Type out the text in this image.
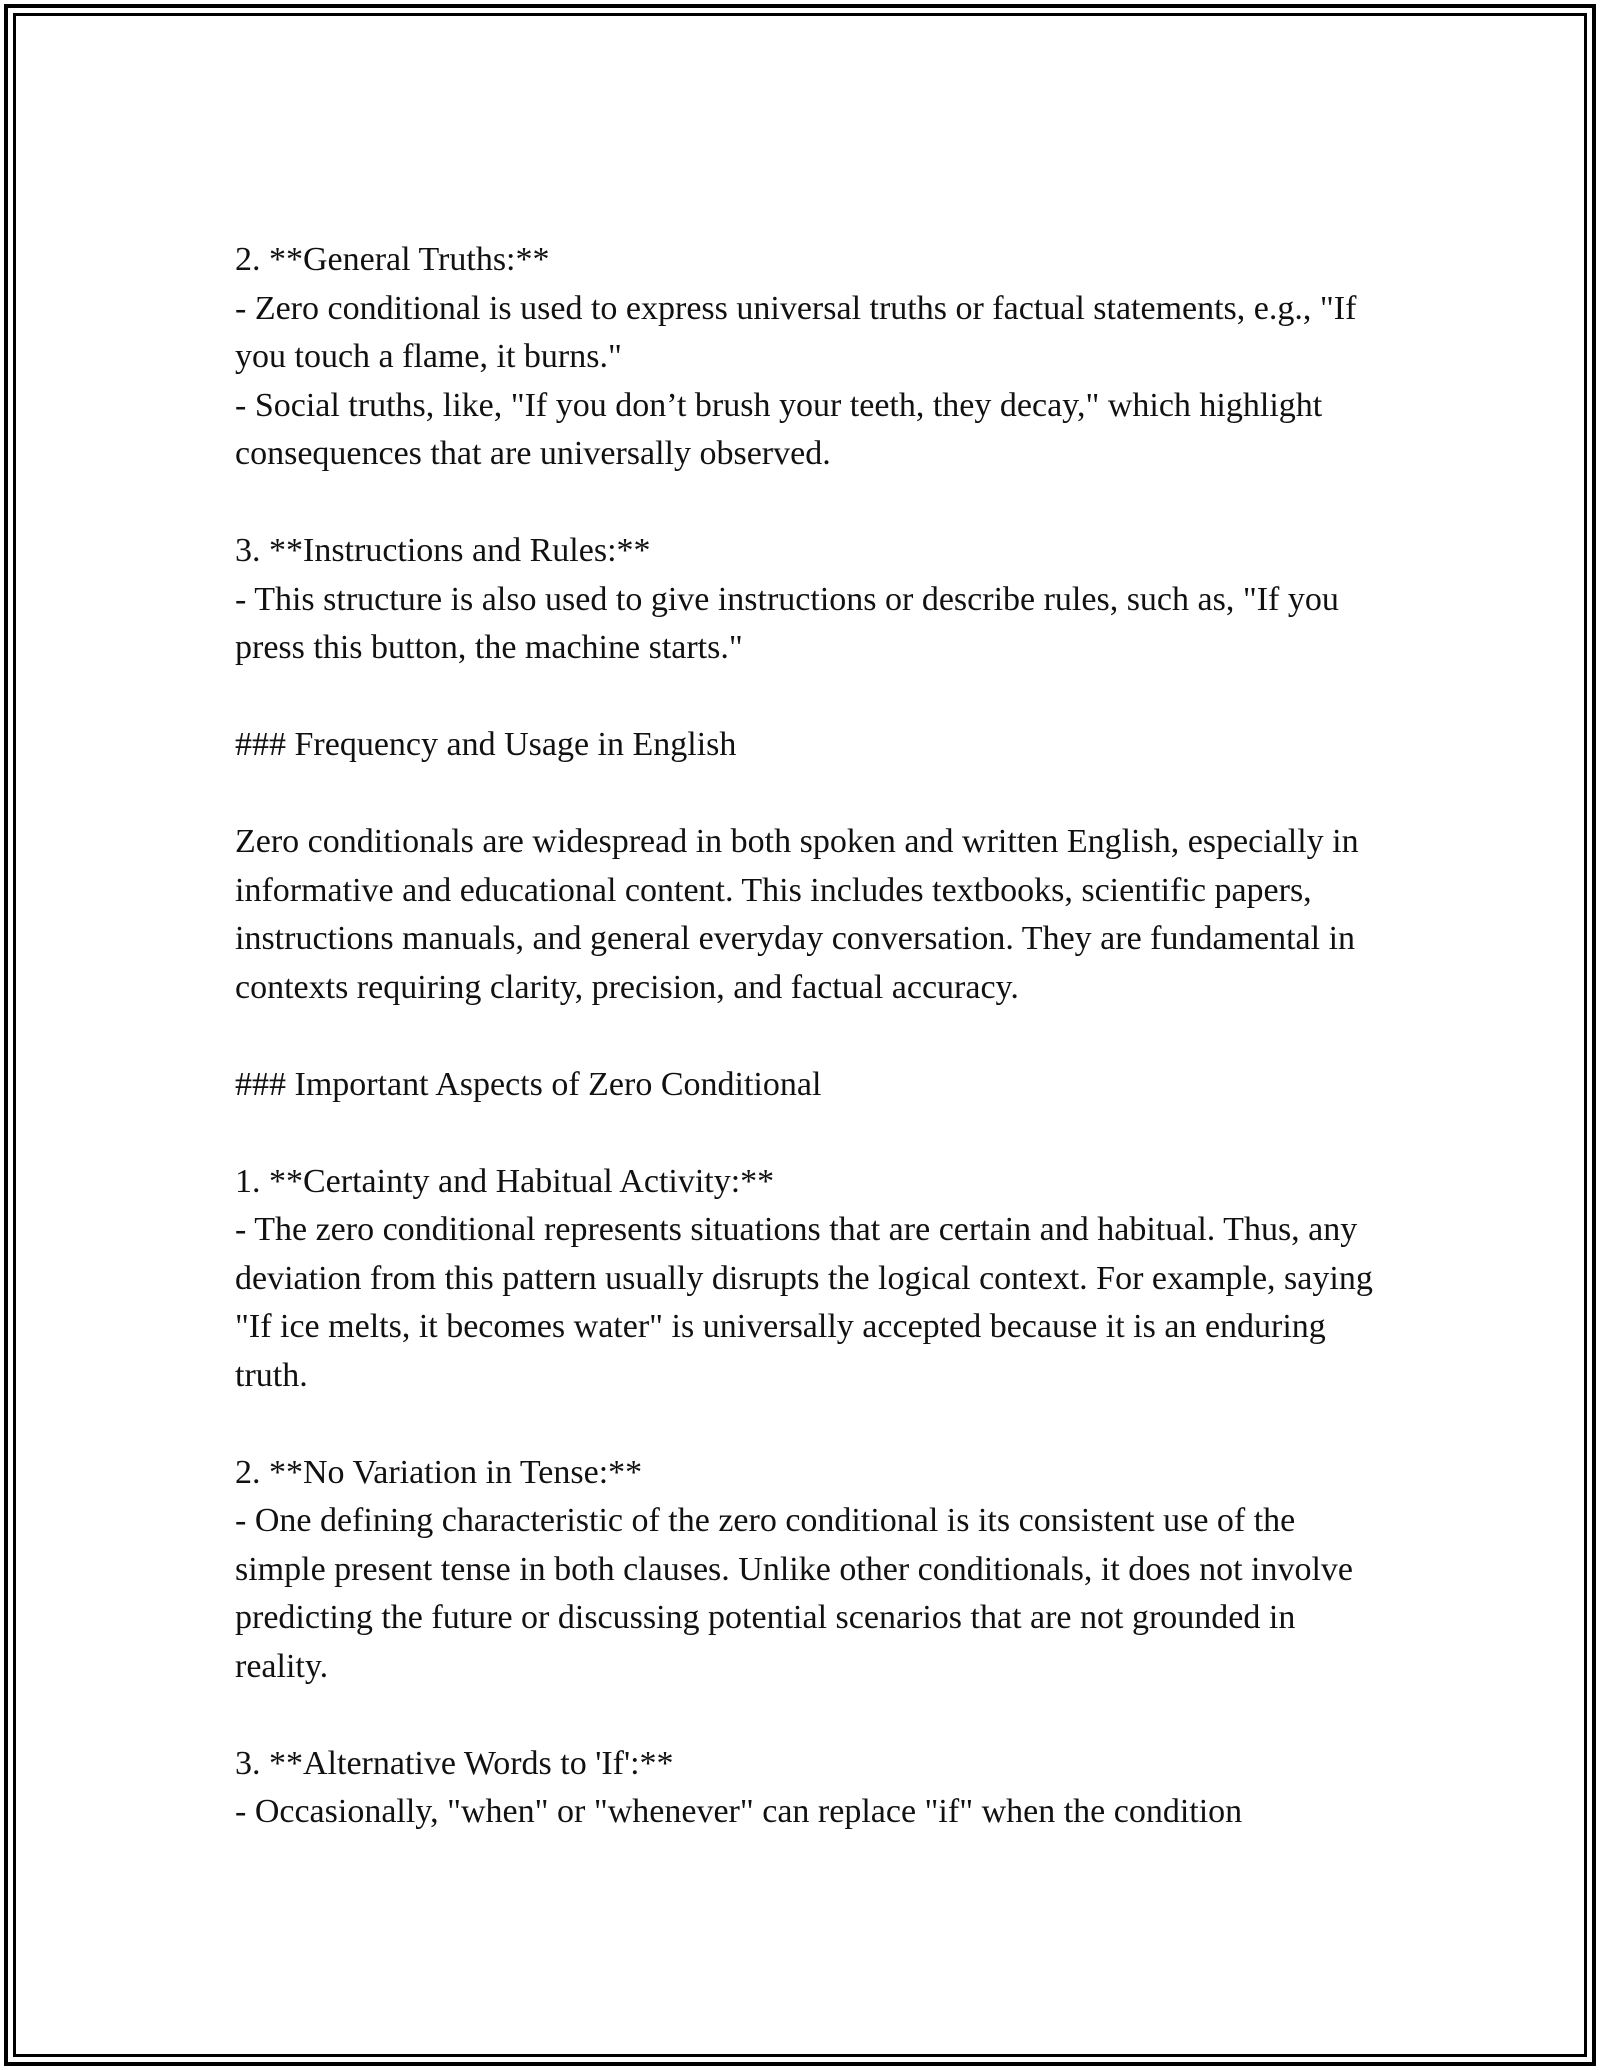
2. **General Truths:**
- Zero conditional is used to express universal truths or factual statements, e.g., "If you touch a flame, it burns."
- Social truths, like, "If you don’t brush your teeth, they decay," which highlight consequences that are universally observed.

3. **Instructions and Rules:**
- This structure is also used to give instructions or describe rules, such as, "If you press this button, the machine starts."

### Frequency and Usage in English

Zero conditionals are widespread in both spoken and written English, especially in informative and educational content. This includes textbooks, scientific papers, instructions manuals, and general everyday conversation. They are fundamental in contexts requiring clarity, precision, and factual accuracy.

### Important Aspects of Zero Conditional

1. **Certainty and Habitual Activity:**
- The zero conditional represents situations that are certain and habitual. Thus, any deviation from this pattern usually disrupts the logical context. For example, saying "If ice melts, it becomes water" is universally accepted because it is an enduring truth.

2. **No Variation in Tense:**
- One defining characteristic of the zero conditional is its consistent use of the simple present tense in both clauses. Unlike other conditionals, it does not involve predicting the future or discussing potential scenarios that are not grounded in reality.

3. **Alternative Words to 'If':**
- Occasionally, "when" or "whenever" can replace "if" when the condition
